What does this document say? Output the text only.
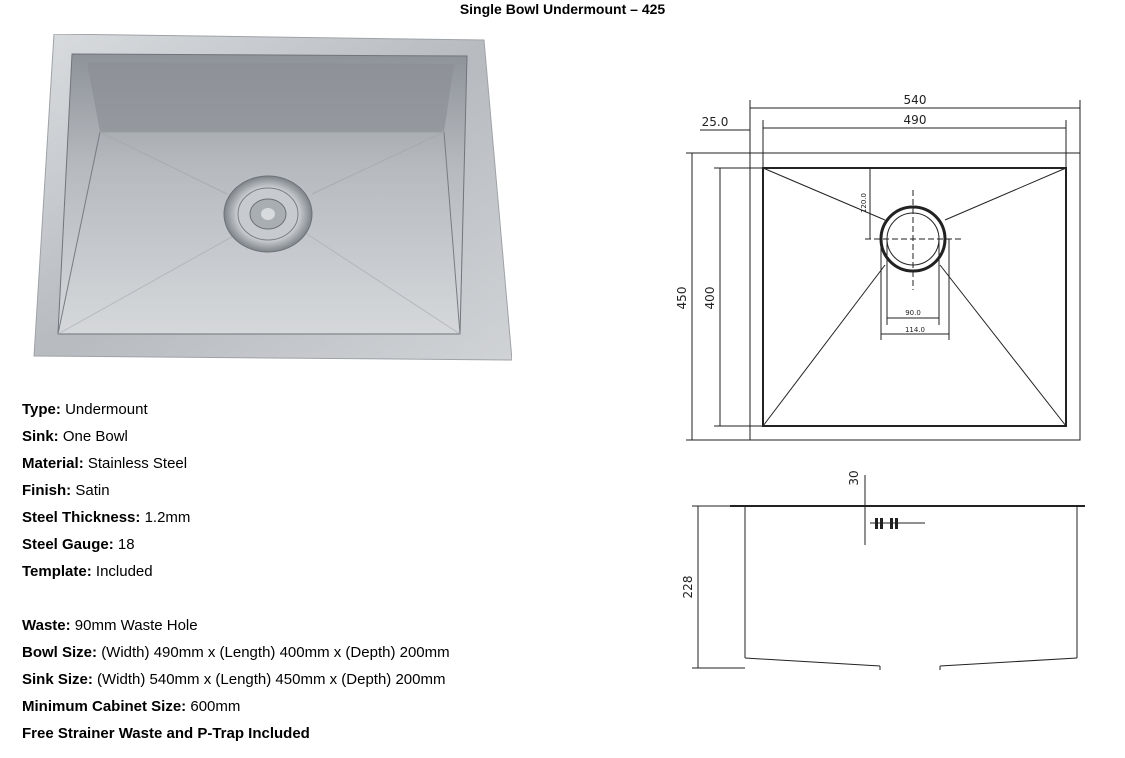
Single Bowl Undermount – 425
Type: Undermount
Sink: One Bowl
Material: Stainless Steel
Finish: Satin
Steel Thickness: 1.2mm
Steel Gauge: 18
Template: Included
Waste: 90mm Waste Hole
Bowl Size: (Width) 490mm x (Length) 400mm x (Depth) 200mm
Sink Size: (Width) 540mm x (Length) 450mm x (Depth) 200mm
Minimum Cabinet Size: 600mm
Free Strainer Waste and P-Trap Included
540
25.0	490
450 400
90.0
114.0
120.0
30
228
